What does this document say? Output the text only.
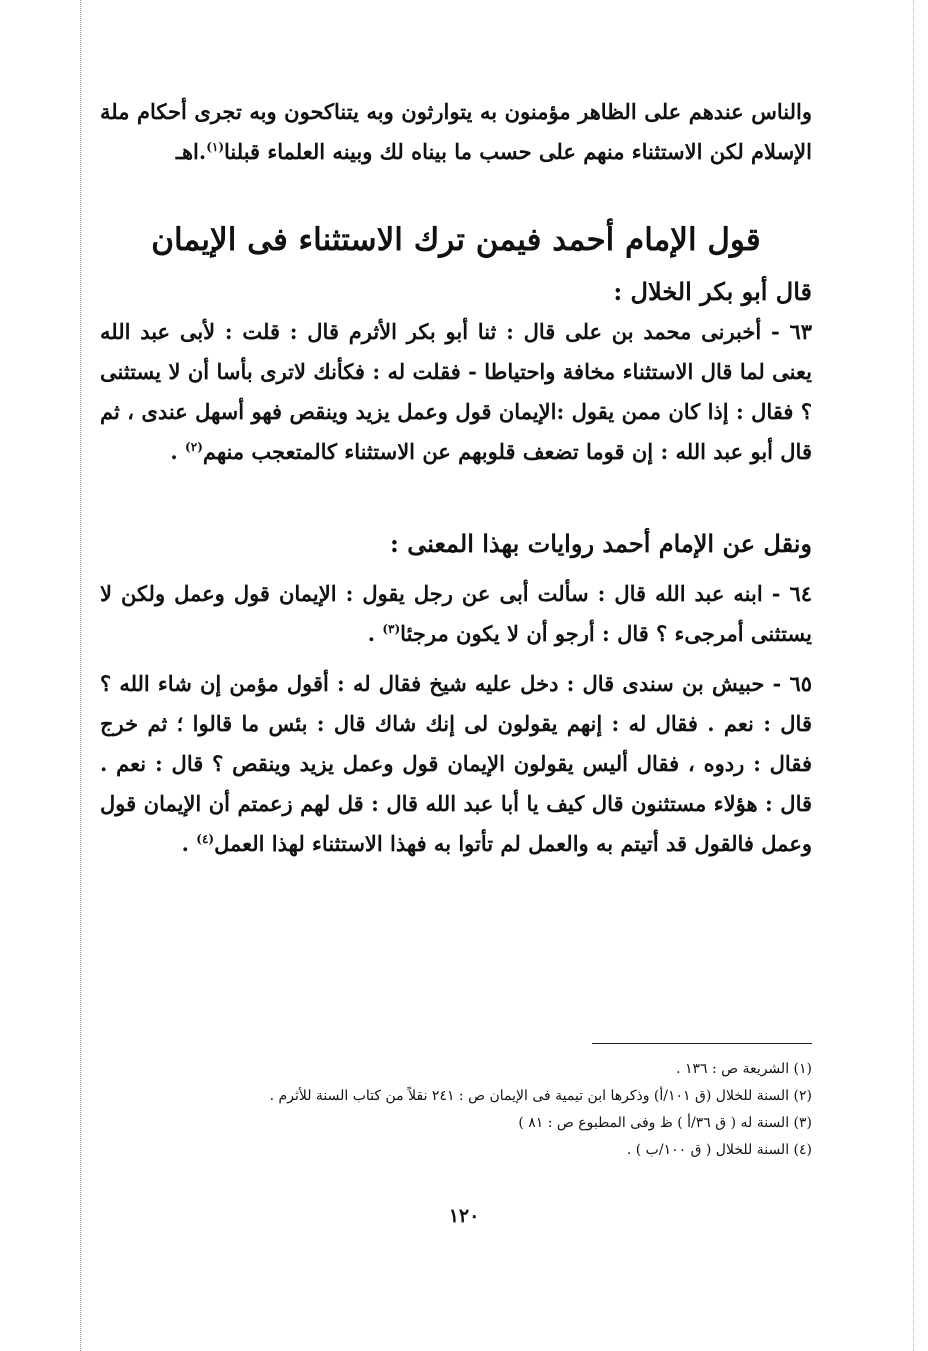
والناس عندهم على الظاهر مؤمنون به يتوارثون وبه يتناكحون وبه تجرى أحكام ملة الإسلام لكن الاستثناء منهم على حسب ما بيناه لك وبينه العلماء قبلنا$^{(١)}$.اهـ

قول الإمام أحمد فيمن ترك الاستثناء فى الإيمان
قال أبو بكر الخلال :

٦٣ - أخبرنى محمد بن على قال : ثنا أبو بكر الأثرم قال : قلت : لأبى عبد الله يعنى لما قال الاستثناء مخافة واحتياطا - فقلت له : فكأنك لاترى بأسا أن لا يستثنى ؟ فقال : إذا كان ممن يقول :الإيمان قول وعمل يزيد وينقص فهو أسهل عندى ، ثم قال أبو عبد الله : إن قوما تضعف قلوبهم عن الاستثناء كالمتعجب منهم$^{(٢)}$ .

ونقل عن الإمام أحمد روايات بهذا المعنى :

٦٤ - ابنه عبد الله قال : سألت أبى عن رجل يقول : الإيمان قول وعمل ولكن لا يستثنى أمرجىء ؟ قال : أرجو أن لا يكون مرجئا$^{(٣)}$ .

٦٥ - حبيش بن سندى قال : دخل عليه شيخ فقال له : أقول مؤمن إن شاء الله ؟ قال : نعم . فقال له : إنهم يقولون لى إنك شاك قال : بئس ما قالوا ؛ ثم خرج فقال : ردوه ، فقال أليس يقولون الإيمان قول وعمل يزيد وينقص ؟ قال : نعم . قال : هؤلاء مستثنون قال كيف يا أبا عبد الله قال : قل لهم زعمتم أن الإيمان قول وعمل فالقول قد أتيتم به والعمل لم تأتوا به فهذا الاستثناء لهذا العمل$^{(٤)}$ .

(١) الشريعة ص : ١٣٦ .
(٢) السنة للخلال (ق ١٠١/أ) وذكرها ابن تيمية فى الإيمان ص : ٢٤١ نقلاً من كتاب السنة للأثرم .
(٣) السنة له ( ق ٣٦/أ ) ظ وفى المطبوع ص : ٨١ )
(٤) السنة للخلال ( ق ١٠٠/ب ) .
١٢٠
